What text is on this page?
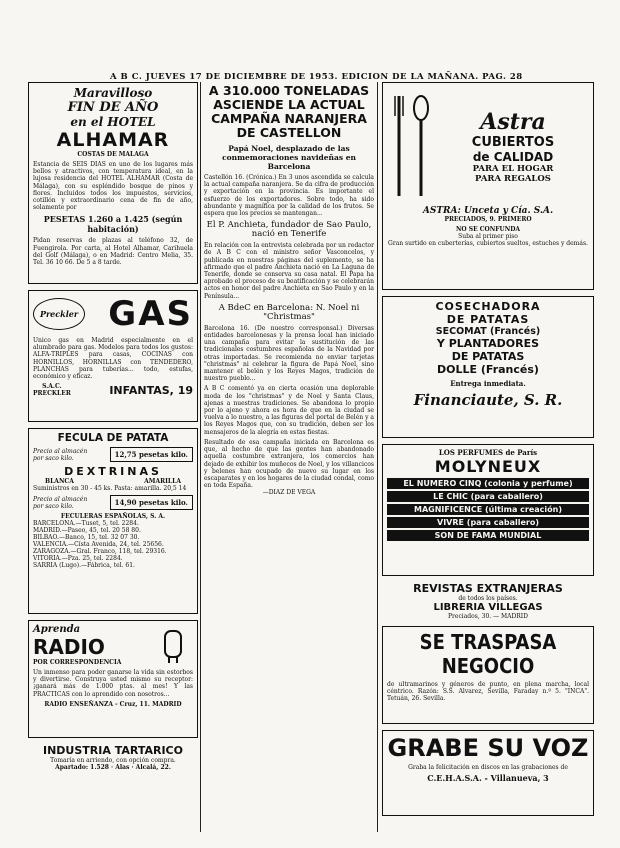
A B C. JUEVES 17 DE DICIEMBRE DE 1953. EDICION DE LA MAÑANA. PAG. 28
Maravilloso
FIN DE AÑO
en el HOTEL
ALHAMAR
COSTAS DE MALAGA

Estancia de SEIS DIAS en uno de los lugares más bellos y atractivos, con temperatura ideal, en la lujosa residencia del HOTEL ALHAMAR (Costa de Málaga), con su espléndido bosque de pinos y flores. Incluidos todos los impuestos, servicios, cotillón y extraordinario cena de fin de año, solamente por

PESETAS 1.260 a 1.425 (según habitación)

Pidan reservas de plazas al teléfono 32, de Fuengirola. Por carta, al Hotel Alhamar, Carihuela del Golf (Málaga), o en Madrid: Centro Melia, 35. Tel. 36 10 66. De 5 a 8 tarde.

Preckler GAS

Unico gas en Madrid especialmente en el alumbrado para gas. Modelos para todos los gustos: ALFA-TRIPLES para casas, COCINAS con HORNILLOS, HORNILLAS con TENDEDERO, PLANCHAS para tuberías... todo, estufas, económico y eficaz.

S.A.C.
PRECKLER	INFANTAS, 19
FECULA DE PATATA
Precio al almacén por saco kilo.	12,75 pesetas kilo.
DEXTRINAS
BLANCA	AMARILLA
Suministros en 30 - 45 ks. Pasta: amarilla. 20,5 14
Precio al almacén por saco kilo.	14,90 pesetas kilo.
FECULERAS ESPAÑOLAS, S. A.
BARCELONA.—Tuset, 5, tel. 2284.
MADRID.—Paseo, 45, tel. 20 58 80.
BILBAO.—Banco, 15, tel. 32 07 30.
VALENCIA.—Císta Avenida, 24, tel. 25656.
ZARAGOZA.—Gral. Franco, 118, tel. 29316.
VITORIA.—Pza. 25, tel. 2284.
SARRIA (Lugo).—Fábrica, tel. 61.
Aprenda
RADIO
POR CORRESPONDENCIA

Un inmenso para poder ganarse la vida sin estorbos y divertirse. Construya usted mismo su receptor: ¡ganará más de 1.000 ptas. al mes! Y las PRACTICAS con lo aprendido con nosotros...

RADIO ENSEÑANZA - Cruz, 11. MADRID
INDUSTRIA TARTARICO

Tomaría en arriendo, con opción compra.

Apartado: 1.528 · Alas · Alcalá, 22.
A 310.000 TONELADAS ASCIENDE LA ACTUAL CAMPAÑA NARANJERA DE CASTELLON
Papá Noel, desplazado de las conmemoraciones navideñas en Barcelona

Castellón 16. (Crónica.) En 3 unos ascendida se calcula la actual campaña naranjera. Se da cifra de producción y exportación en la provincia. Es importante el esfuerzo de los exportadores. Sobre todo, ha sido abundante y magnífica por la calidad de los frutos. Se espera que los precios se mantengan...

El P. Anchieta, fundador de Sao Paulo, nació en Tenerife

En relación con la entrevista celebrada por un redactor de A B C con el ministro señor Vasconcelos, y publicada en nuestras páginas del suplemento, se ha afirmado que el padre Anchieta nació en La Laguna de Tenerife, donde se conserva su casa natal. El Papa ha aprobado el proceso de su beatificación y se celebrarán actos en honor del padre Anchieta en Sao Paulo y en la Península...

A BdeC en Barcelona: N. Noel ni "Christmas"

Barcelona 16. (De nuestro corresponsal.) Diversas entidades barcelonesas y la prensa local han iniciado una campaña para evitar la sustitución de las tradicionales costumbres españolas de la Navidad por otras importadas. Se recomienda no enviar tarjetas "christmas" ni celebrar la figura de Papá Noel, sino mantener el belén y los Reyes Magos, tradición de nuestro pueblo...

A B C comentó ya en cierta ocasión una deplorable moda de los "christmas" y de Noel y Santa Claus, ajenas a nuestras tradiciones. Se abandona lo propio por lo ajeno y ahora es hora de que en la ciudad se vuelva a lo nuestro, a las figuras del portal de Belén y a los Reyes Magos que, con su tradición, deben ser los mensajeros de la alegría en estas fiestas.

Resultado de esa campaña iniciada en Barcelona es que, al hecho de que las gentes han abandonado aquella costumbre extranjera, los comercios han dejado de exhibir los muñecos de Noel, y los villancicos y belenes han ocupado de nuevo su lugar en los escaparates y en los hogares de la ciudad condal, como en toda España.

—DIAZ DE VEGA
Astra
CUBIERTOS
de CALIDAD
PARA EL HOGAR
PARA REGALOS
ASTRA: Unceta y Cía. S.A.
PRECIADOS, 9. PRIMERO
NO SE CONFUNDA
Suba al primer piso
Gran surtido en cuberterías, cubiertos sueltos, estuches y demás.
COSECHADORA
DE PATATAS
SECOMAT (Francés)
Y PLANTADORES
DE PATATAS
DOLLE (Francés)
Entrega inmediata.
Financiaute, S. R.
LOS PERFUMES de París
MOLYNEUX
EL NUMERO CINQ (colonia y perfume)
LE CHIC (para caballero)
MAGNIFICENCE (última creación)
VIVRE (para caballero)
SON DE FAMA MUNDIAL
REVISTAS EXTRANJERAS
de todos los países.
LIBRERIA VILLEGAS
Preciados, 30. — MADRID
SE TRASPASA NEGOCIO

de ultramarinos y géneros de punto, en plena marcha, local céntrico. Razón: S.S. Alvarez, Sevilla, Faraday n.º 5. "INCA". Tetuán, 26. Sevilla.

GRABE SU VOZ

Graba la felicitación en discos en las grabaciones de

C.E.H.A.S.A. - Villanueva, 3
